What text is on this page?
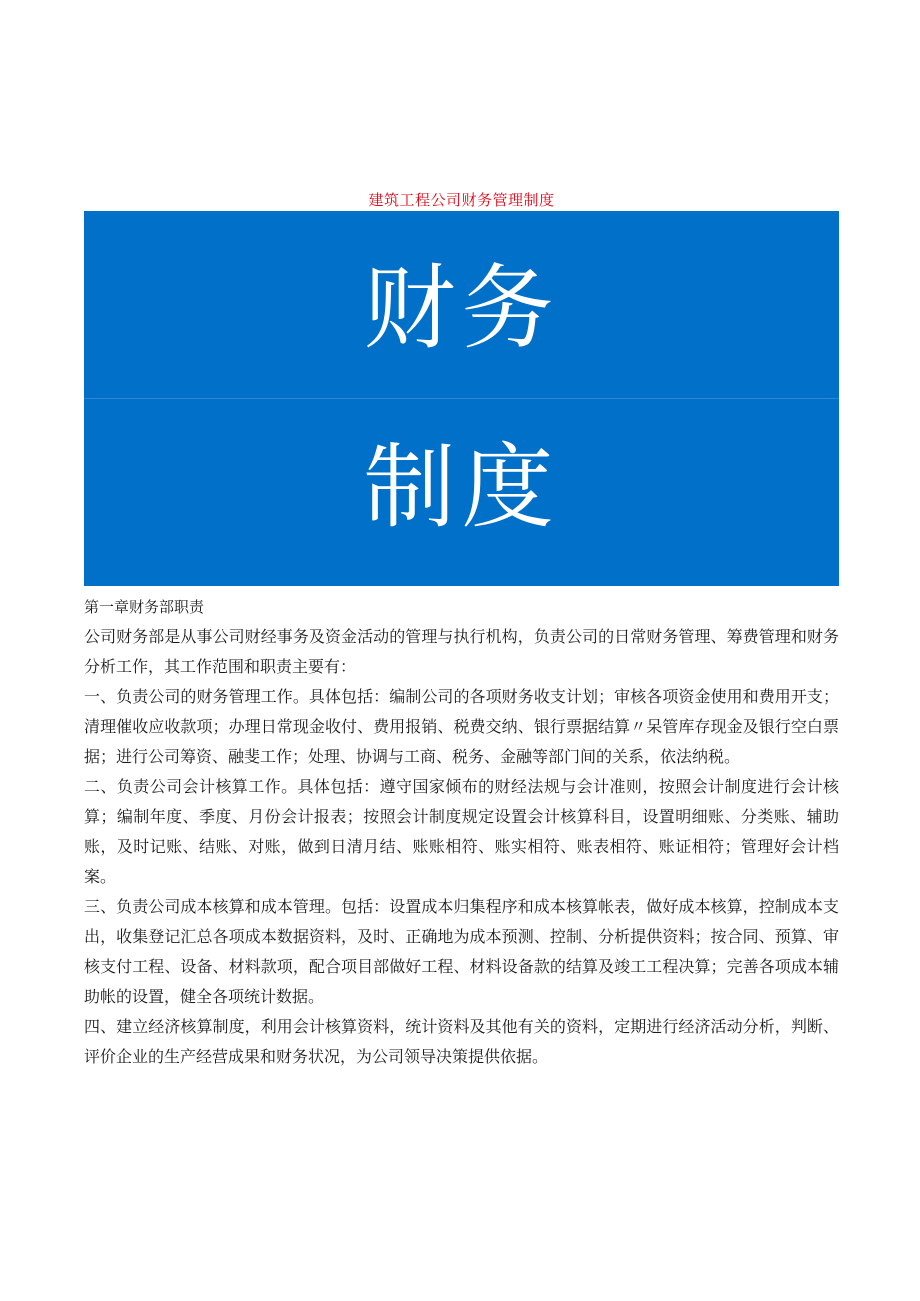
建筑工程公司财务管理制度
财务
制度

第一章财务部职责

公司财务部是从事公司财经事务及资金活动的管理与执行机构，负责公司的日常财务管理、筹费管理和财务分析工作，其工作范围和职责主要有：

一、负责公司的财务管理工作。具体包括：编制公司的各项财务收支计划；审核各项资金使用和费用开支；清理催收应收款项；办理日常现金收付、费用报销、税费交纳、银行票据结算〃呆管库存现金及银行空白票据；进行公司筹资、融斐工作；处理、协调与工商、税务、金融等部门间的关系，依法纳税。

二、负责公司会计核算工作。具体包括：遵守国家倾布的财经法规与会计准则，按照会计制度进行会计核算；编制年度、季度、月份会计报表；按照会计制度规定设置会计核算科目，设置明细账、分类账、辅助账，及时记账、结账、对账，做到日清月结、账账相符、账实相符、账表相符、账证相符；管理好会计档案。

三、负责公司成本核算和成本管理。包括：设置成本归集程序和成本核算帐表，做好成本核算，控制成本支出，收集登记汇总各项成本数据资料，及时、正确地为成本预测、控制、分析提供资料；按合同、预算、审核支付工程、设备、材料款项，配合项目部做好工程、材料设备款的结算及竣工工程决算；完善各项成本辅助帐的设置，健全各项统计数据。

四、建立经济核算制度，利用会计核算资料，统计资料及其他有关的资料，定期进行经济活动分析，判断、评价企业的生产经营成果和财务状况，为公司领导决策提供依据。
